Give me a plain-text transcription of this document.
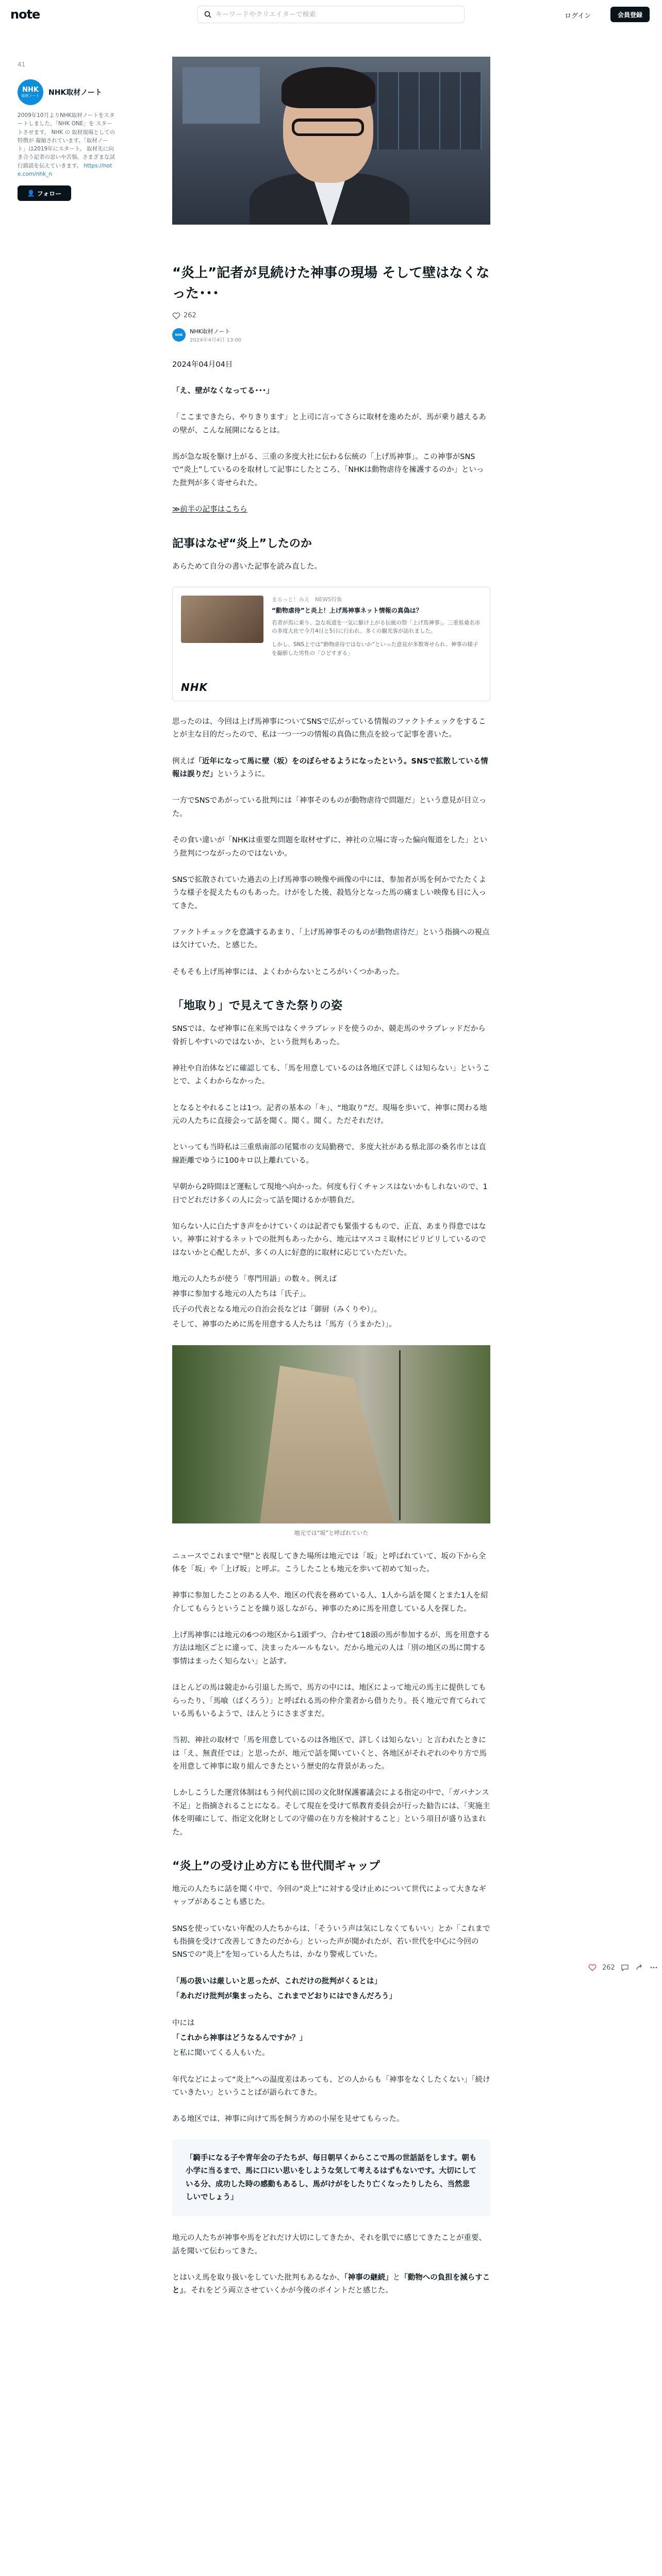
note
キーワードやクリエイターで検索	ログイン	会員登録
41
NHK
取材ノート NHK取材ノート
2009年10月よりNHK取材ノートをスタートしました。「NHK ONE」を スタートさせます。 NHK の 取材現場としての特徴が 凝縮されています。「取材ノート」は2019年にスタート。 取材先に向き合う記者の思いや苦悩、さまざまな試行錯誤を伝えていきます。 https://note.com/nhk_n
👤 フォロー
“炎上”記者が見続けた神事の現場 そして壁はなくなった･･･
262
NHK
NHK取材ノート
2024年4月4日 13:00

2024年04月04日

「え、壁がなくなってる･･･」

「ここまできたら、やりきります」と上司に言ってさらに取材を進めたが、馬が乗り越えるあの壁が、こんな展開になるとは。

馬が急な坂を駆け上がる、三重の多度大社に伝わる伝統の「上げ馬神事」。この神事がSNSで“炎上”しているのを取材して記事にしたところ、「NHKは動物虐待を擁護するのか」といった批判が多く寄せられた。

≫前半の記事はこちら

記事はなぜ“炎上”したのか

あらためて自分の書いた記事を読み直した。

NHK
まるっと！みえ　NEWS特集
“動物虐待”と炎上！上げ馬神事ネット情報の真偽は？
若者が馬に乗り、急な坂道を一気に駆け上がる伝統の祭「上げ馬神事」。三重県桑名市の多度大社で今月4日と5日に行われ、多くの観光客が訪れました。
しかし、SNS上では“動物虐待ではないか”といった意見が多数寄せられ、神事の様子を撮影した男性の「ひどすぎる」

思ったのは、今回は上げ馬神事についてSNSで広がっている情報のファクトチェックをすることが主な目的だったので、私は一つ一つの情報の真偽に焦点を絞って記事を書いた。

例えば「近年になって馬に壁（坂）をのぼらせるようになったという。SNSで拡散している情報は誤りだ」というように。

一方でSNSであがっている批判には「神事そのものが動物虐待で問題だ」という意見が目立った。

その食い違いが「NHKは重要な問題を取材せずに、神社の立場に寄った偏向報道をした」という批判につながったのではないか。

SNSで拡散されていた過去の上げ馬神事の映像や画像の中には、参加者が馬を何かでたたくような様子を捉えたものもあった。けがをした後、殺処分となった馬の痛ましい映像も目に入ってきた。

ファクトチェックを意識するあまり、「上げ馬神事そのものが動物虐待だ」という指摘への視点は欠けていた、と感じた。

そもそも上げ馬神事には、よくわからないところがいくつかあった。

「地取り」で見えてきた祭りの姿

SNSでは、なぜ神事に在来馬ではなくサラブレッドを使うのか、競走馬のサラブレッドだから骨折しやすいのではないか、という批判もあった。

神社や自治体などに確認しても、「馬を用意しているのは各地区で詳しくは知らない」ということで、よくわからなかった。

となるとやれることは1つ。記者の基本の「キ」、“地取り”だ。現場を歩いて、神事に関わる地元の人たちに直接会って話を聞く。聞く。聞く。ただそれだけ。

といっても当時私は三重県南部の尾鷲市の支局勤務で、多度大社がある県北部の桑名市とは直線距離でゆうに100キロ以上離れている。

早朝から2時間ほど運転して現地へ向かった。何度も行くチャンスはないかもしれないので、1日でどれだけ多くの人に会って話を聞けるかが勝負だ。

知らない人に白たすき声をかけていくのは記者でも緊張するもので、正直、あまり得意ではない。神事に対するネットでの批判もあったから、地元はマスコミ取材にピリピリしているのではないかと心配したが、多くの人に好意的に取材に応じていただいた。

地元の人たちが使う「専門用語」の数々。例えば

神事に参加する地元の人たちは「氏子」。

氏子の代表となる地元の自治会長などは「御厨（みくりや）」。

そして、神事のために馬を用意する人たちは「馬方（うまかた）」。

地元では“坂”と呼ばれていた

ニュースでこれまで“壁”と表現してきた場所は地元では「坂」と呼ばれていて、坂の下から全体を「坂」や「上げ坂」と呼ぶ。こうしたことも地元を歩いて初めて知った。

神事に参加したことのある人や、地区の代表を務めている人、1人から話を聞くとまた1人を紹介してもらうということを繰り返しながら、神事のために馬を用意している人を探した。

上げ馬神事には地元の6つの地区から1頭ずつ、合わせて18頭の馬が参加するが、馬を用意する方法は地区ごとに違って、決まったルールもない。だから地元の人は「別の地区の馬に関する事情はまったく知らない」と話す。

ほとんどの馬は競走から引退した馬で、馬方の中には、地区によって地元の馬主に提供してもらったり、「馬喰（ばくろう）」と呼ばれる馬の仲介業者から借りたり。長く地元で育てられている馬もいるようで、ほんとうにさまざまだ。

当初、神社の取材で「馬を用意しているのは各地区で、詳しくは知らない」と言われたときには「え、無責任では」と思ったが、地元で話を聞いていくと、各地区がそれぞれのやり方で馬を用意して神事に取り組んできたという歴史的な背景があった。

しかしこうした運営体制はもう何代前に国の文化財保護審議会による指定の中で、「ガバナンス不足」と指摘されることになる。そして現在を受けて県教育委員会が行った勧告には、「実施主体を明確にして、指定文化財としての守備の在り方を検討すること」という項目が盛り込まれた。

“炎上”の受け止め方にも世代間ギャップ

地元の人たちに話を聞く中で、今回の“炎上”に対する受け止めについて世代によって大きなギャップがあることも感じた。

SNSを使っていない年配の人たちからは、「そういう声は気にしなくてもいい」とか「これまでも指摘を受けて改善してきたのだから」といった声が聞かれたが、若い世代を中心に今回のSNSでの“炎上”を知っている人たちは、かなり警戒していた。

「馬の扱いは厳しいと思ったが、これだけの批判がくるとは」

「あれだけ批判が集まったら、これまでどおりにはできんだろう」

中には

「これから神事はどうなるんですか？」

と私に聞いてくる人もいた。

年代などによって“炎上”への温度差はあっても、どの人からも「神事をなくしたくない」「続けていきたい」ということばが語られてきた。

ある地区では、神事に向けて馬を飼う方めの小屋を見せてもらった。

「騎手になる子や青年会の子たちが、毎日朝早くからここで馬の世話話をします。朝も小学に当るまで、馬に口にい思いをしような気して考えるはずもないです。大切にしている分、成功した時の感動もあるし、馬がけがをしたり亡くなったりしたら、当然悲しいでしょう」

地元の人たちが神事や馬をどれだけ大切にしてきたか、それを肌でに感じてきたことが重要、話を聞いて伝わってきた。

とはいえ馬を取り扱いをしていた批判もあるなか、「神事の継続」と「動物への負担を減らすこと」。それをどう両立させていくかが今後のポイントだと感じた。

262
